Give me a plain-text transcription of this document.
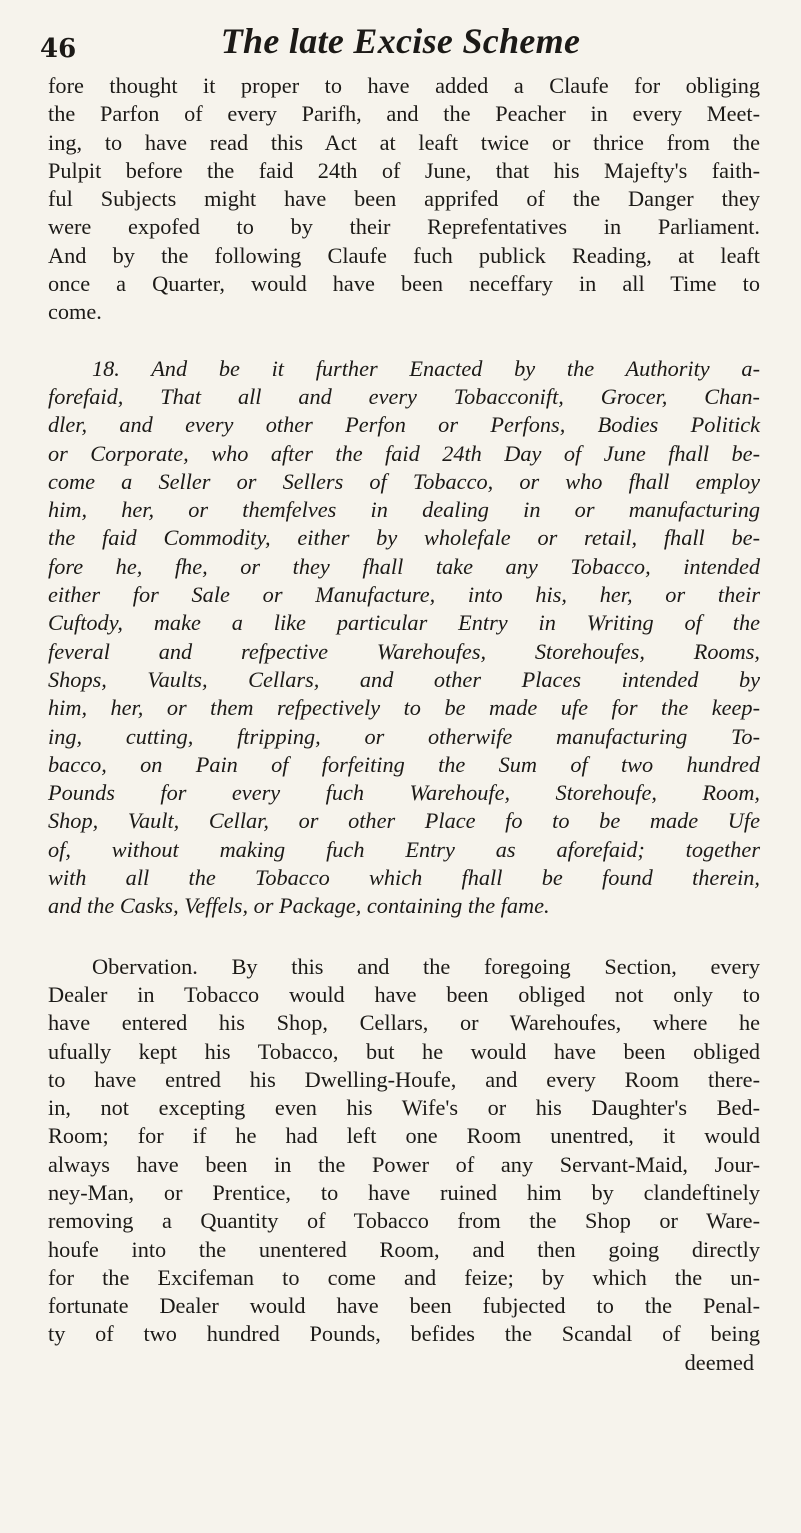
46	The late Excise Scheme
fore thought it proper to have added a Claufe for obliging
the Parfon of every Parifh, and the Peacher in every Meet-
ing, to have read this Act at leaft twice or thrice from the
Pulpit before the faid 24th of June, that his Majefty's faith-
ful Subjects might have been apprifed of the Danger they
were expofed to by their Reprefentatives in Parliament.
And by the following Claufe fuch publick Reading, at leaft
once a Quarter, would have been neceffary in all Time to
come.
18. And be it further Enacted by the Authority a-
forefaid, That all and every Tobacconift, Grocer, Chan-
dler, and every other Perfon or Perfons, Bodies Politick
or Corporate, who after the faid 24th Day of June fhall be-
come a Seller or Sellers of Tobacco, or who fhall employ
him, her, or themfelves in dealing in or manufacturing
the faid Commodity, either by wholefale or retail, fhall be-
fore he, fhe, or they fhall take any Tobacco, intended
either for Sale or Manufacture, into his, her, or their
Cuftody, make a like particular Entry in Writing of the
feveral and refpective Warehoufes, Storehoufes, Rooms,
Shops, Vaults, Cellars, and other Places intended by
him, her, or them refpectively to be made ufe for the keep-
ing, cutting, ftripping, or otherwife manufacturing To-
bacco, on Pain of forfeiting the Sum of two hundred
Pounds for every fuch Warehoufe, Storehoufe, Room,
Shop, Vault, Cellar, or other Place fo to be made Ufe
of, without making fuch Entry as aforefaid; together
with all the Tobacco which fhall be found therein,
and the Casks, Veffels, or Package, containing the fame.
Obervation. By this and the foregoing Section, every
Dealer in Tobacco would have been obliged not only to
have entered his Shop, Cellars, or Warehoufes, where he
ufually kept his Tobacco, but he would have been obliged
to have entred his Dwelling-Houfe, and every Room there-
in, not excepting even his Wife's or his Daughter's Bed-
Room; for if he had left one Room unentred, it would
always have been in the Power of any Servant-Maid, Jour-
ney-Man, or Prentice, to have ruined him by clandeftinely
removing a Quantity of Tobacco from the Shop or Ware-
houfe into the unentered Room, and then going directly
for the Excifeman to come and feize; by which the un-
fortunate Dealer would have been fubjected to the Penal-
ty of two hundred Pounds, befides the Scandal of being
deemed
